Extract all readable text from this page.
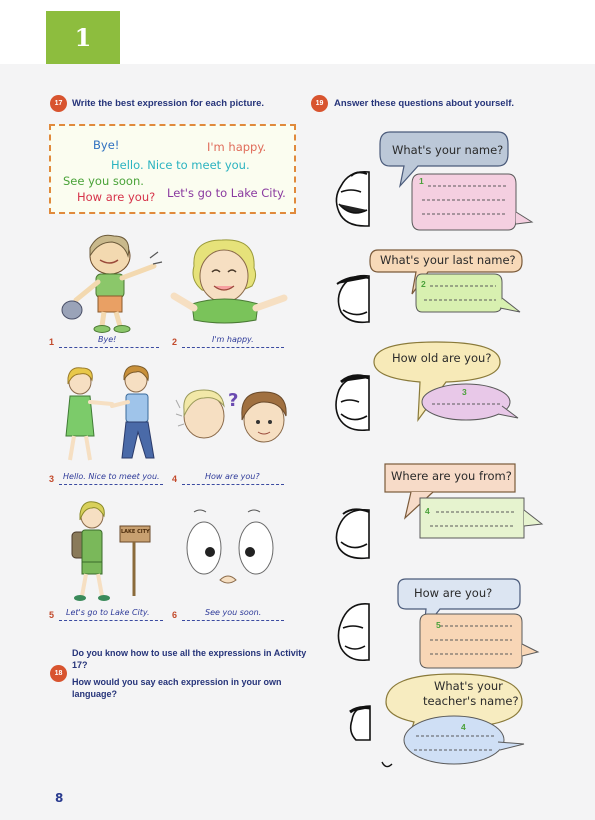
1
17	Write the best expression for each picture.	19	Answer these questions about yourself.
Bye!	I'm happy.
Hello. Nice to meet you.
See you soon.
How are you? Let's go to Lake City.
?
LAKE CITY
1	Bye!	2	I'm happy.
3 Hello. Nice to meet you. 4	How are you?
5 Let's go to Lake City. 6	See you soon.
18
Do you know how to use all the expressions in Activity 17?
How would you say each expression in your own language?
What's your name?
1
What's your last name?
2
How old are you?
3
Where are you from?
4
How are you?
5
What's your
teacher's name?
4
8
